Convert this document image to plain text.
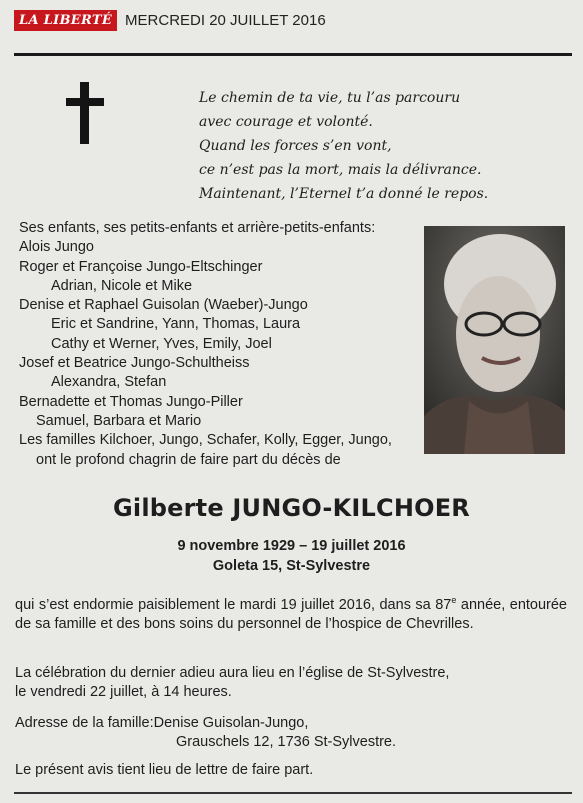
LA LIBERTÉ MERCREDI 20 JUILLET 2016
Le chemin de ta vie, tu l’as parcouru
avec courage et volonté.
Quand les forces s’en vont,
ce n’est pas la mort, mais la délivrance.
Maintenant, l’Eternel t’a donné le repos.
Ses enfants, ses petits-enfants et arrière-petits-enfants:
Alois Jungo
Roger et Françoise Jungo-Eltschinger
Adrian, Nicole et Mike
Denise et Raphael Guisolan (Waeber)-Jungo
Eric et Sandrine, Yann, Thomas, Laura
Cathy et Werner, Yves, Emily, Joel
Josef et Beatrice Jungo-Schultheiss
Alexandra, Stefan
Bernadette et Thomas Jungo-Piller
Samuel, Barbara et Mario
Les familles Kilchoer, Jungo, Schafer, Kolly, Egger, Jungo,
ont le profond chagrin de faire part du décès de
Gilberte JUNGO-KILCHOER
9 novembre 1929 – 19 juillet 2016
Goleta 15, St-Sylvestre
qui s’est endormie paisiblement le mardi 19 juillet 2016, dans sa 87e année, entourée de sa famille et des bons soins du personnel de l’hospice de Chevrilles.
La célébration du dernier adieu aura lieu en l’église de St-Sylvestre,
le vendredi 22 juillet, à 14 heures.
Adresse de la famille: Denise Guisolan-Jungo,
Grauschels 12, 1736 St-Sylvestre.
Le présent avis tient lieu de lettre de faire part.
